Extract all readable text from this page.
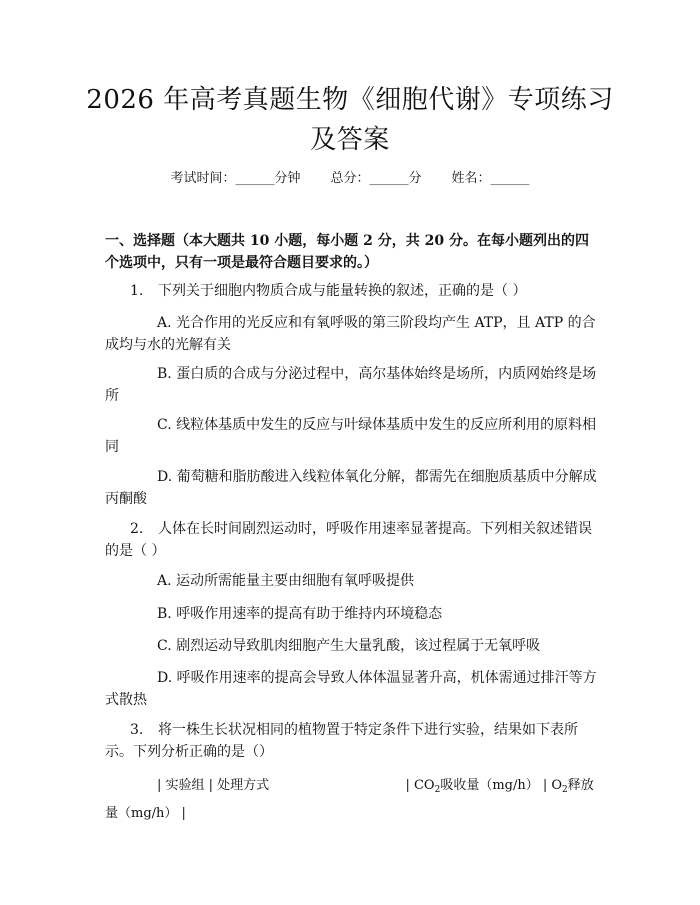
2026 年高考真题生物《细胞代谢》专项练习及答案
考试时间：______分钟 总分：______分 姓名：______
一、选择题（本大题共 10 小题，每小题 2 分，共 20 分。在每小题列出的四个选项中，只有一项是最符合题目要求的。）
1. 下列关于细胞内物质合成与能量转换的叙述，正确的是（ ）
A. 光合作用的光反应和有氧呼吸的第三阶段均产生 ATP，且 ATP 的合成均与水的光解有关
B. 蛋白质的合成与分泌过程中，高尔基体始终是场所，内质网始终是场所
C. 线粒体基质中发生的反应与叶绿体基质中发生的反应所利用的原料相同
D. 葡萄糖和脂肪酸进入线粒体氧化分解，都需先在细胞质基质中分解成丙酮酸
2. 人体在长时间剧烈运动时，呼吸作用速率显著提高。下列相关叙述错误的是（ ）
A. 运动所需能量主要由细胞有氧呼吸提供
B. 呼吸作用速率的提高有助于维持内环境稳态
C. 剧烈运动导致肌肉细胞产生大量乳酸，该过程属于无氧呼吸
D. 呼吸作用速率的提高会导致人体体温显著升高，机体需通过排汗等方式散热
3. 将一株生长状况相同的植物置于特定条件下进行实验，结果如下表所示。下列分析正确的是（）
| 实验组 | 处理方式	| $CO_2$吸收量（mg/h） | $O_2$释放量（mg/h） |
